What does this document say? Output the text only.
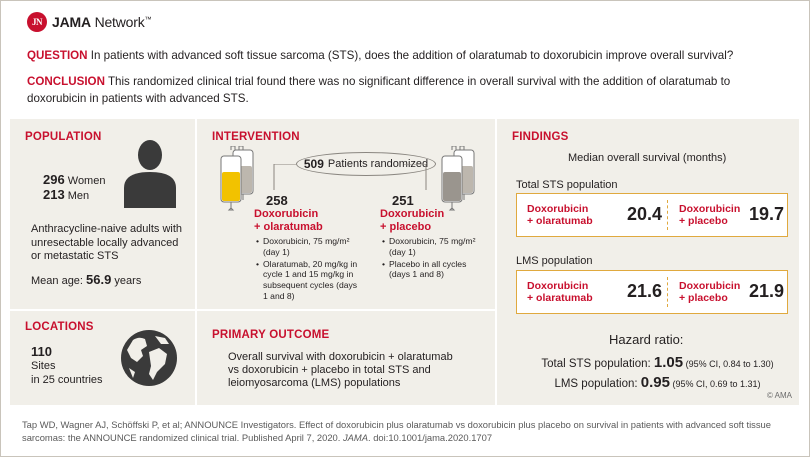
JN JAMA Network™
QUESTION In patients with advanced soft tissue sarcoma (STS), does the addition of olaratumab to doxorubicin improve overall survival?
CONCLUSION This randomized clinical trial found there was no significant difference in overall survival with the addition of olaratumab to doxorubicin in patients with advanced STS.
POPULATION
296 Women
213 Men
Anthracycline-naive adults with unresectable locally advanced or metastatic STS
Mean age: 56.9 years
LOCATIONS
110
Sites
in 25 countries
INTERVENTION
509 Patients randomized
258
Doxorubicin
+ olaratumab
• Doxorubicin, 75 mg/m² (day 1)
• Olaratumab, 20 mg/kg in cycle 1 and 15 mg/kg in subsequent cycles (days 1 and 8)
251
Doxorubicin
+ placebo
• Doxorubicin, 75 mg/m² (day 1)
• Placebo in all cycles (days 1 and 8)
PRIMARY OUTCOME
Overall survival with doxorubicin + olaratumab vs doxorubicin + placebo in total STS and leiomyosarcoma (LMS) populations
FINDINGS
Median overall survival (months)
Total STS population
Doxorubicin
+ olaratumab 20.4 Doxorubicin
+ placebo	19.7
LMS population
Doxorubicin
+ olaratumab 21.6 Doxorubicin
+ placebo	21.9
Hazard ratio:
Total STS population: 1.05 (95% CI, 0.84 to 1.30)
LMS population: 0.95 (95% CI, 0.69 to 1.31)
© AMA
Tap WD, Wagner AJ, Schöffski P, et al; ANNOUNCE Investigators. Effect of doxorubicin plus olaratumab vs doxorubicin plus placebo on survival in patients with advanced soft tissue sarcomas: the ANNOUNCE randomized clinical trial. Published April 7, 2020. JAMA. doi:10.1001/jama.2020.1707
